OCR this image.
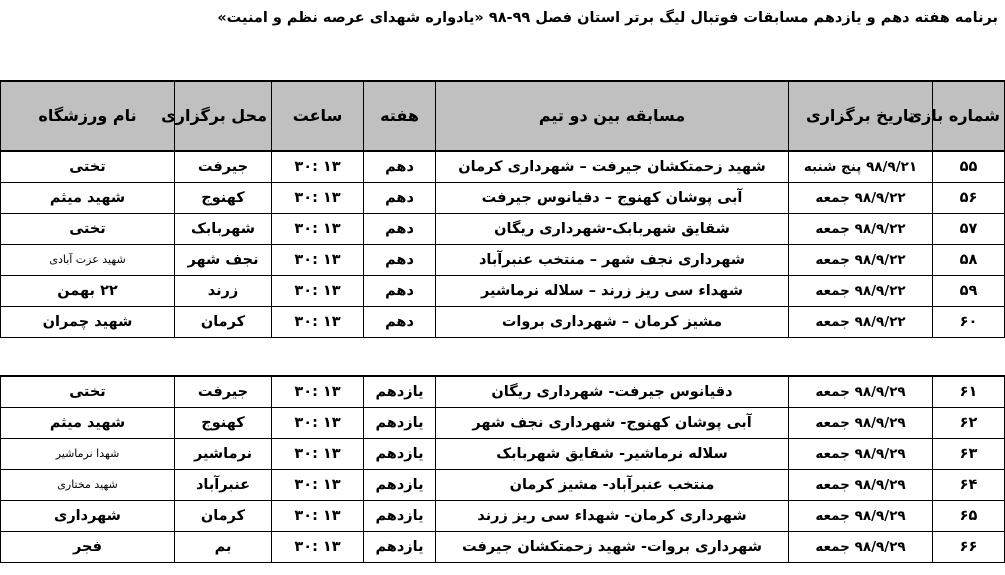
برنامه هفته دهم و یازدهم مسابقات فوتبال لیگ برتر استان فصل ۹۹-۹۸ «یادواره شهدای عرصه نظم و امنیت»
شماره بازی	تاریخ برگزاری	مسابقه بین دو تیم	هفته	ساعت	محل برگزاری	نام ورزشگاه
۵۵	۹۸/۹/۲۱ پنج شنبه	شهید زحمتکشان جیرفت – شهرداری کرمان	دهم	۱۳ :۳۰	جیرفت	تختی
۵۶	۹۸/۹/۲۲ جمعه	آبی پوشان کهنوج – دقیانوس جیرفت	دهم	۱۳ :۳۰	کهنوج	شهید میثم
۵۷	۹۸/۹/۲۲ جمعه	شقایق شهربابک-شهرداری ریگان	دهم	۱۳ :۳۰	شهربابک	تختی
۵۸	۹۸/۹/۲۲ جمعه	شهرداری نجف شهر – منتخب عنبرآباد	دهم	۱۳ :۳۰	نجف شهر	شهید عزت آبادی
۵۹	۹۸/۹/۲۲ جمعه	شهداء سی ریز زرند – سلاله نرماشیر	دهم	۱۳ :۳۰	زرند	۲۲ بهمن
۶۰	۹۸/۹/۲۲ جمعه	مشیز کرمان – شهرداری بروات	دهم	۱۳ :۳۰	کرمان	شهید چمران
۶۱	۹۸/۹/۲۹ جمعه	دقیانوس جیرفت- شهرداری ریگان	یازدهم	۱۳ :۳۰	جیرفت	تختی
۶۲	۹۸/۹/۲۹ جمعه	آبی پوشان کهنوج- شهرداری نجف شهر	یازدهم	۱۳ :۳۰	کهنوج	شهید میثم
۶۳	۹۸/۹/۲۹ جمعه	سلاله نرماشیر- شقایق شهربابک	یازدهم	۱۳ :۳۰	نرماشیر	شهدا نرماشیر
۶۴	۹۸/۹/۲۹ جمعه	منتخب عنبرآباد- مشیز کرمان	یازدهم	۱۳ :۳۰	عنبرآباد	شهید مختاری
۶۵	۹۸/۹/۲۹ جمعه	شهرداری کرمان- شهداء سی ریز زرند	یازدهم	۱۳ :۳۰	کرمان	شهرداری
۶۶	۹۸/۹/۲۹ جمعه	شهرداری بروات- شهید زحمتکشان جیرفت	یازدهم	۱۳ :۳۰	بم	فجر
